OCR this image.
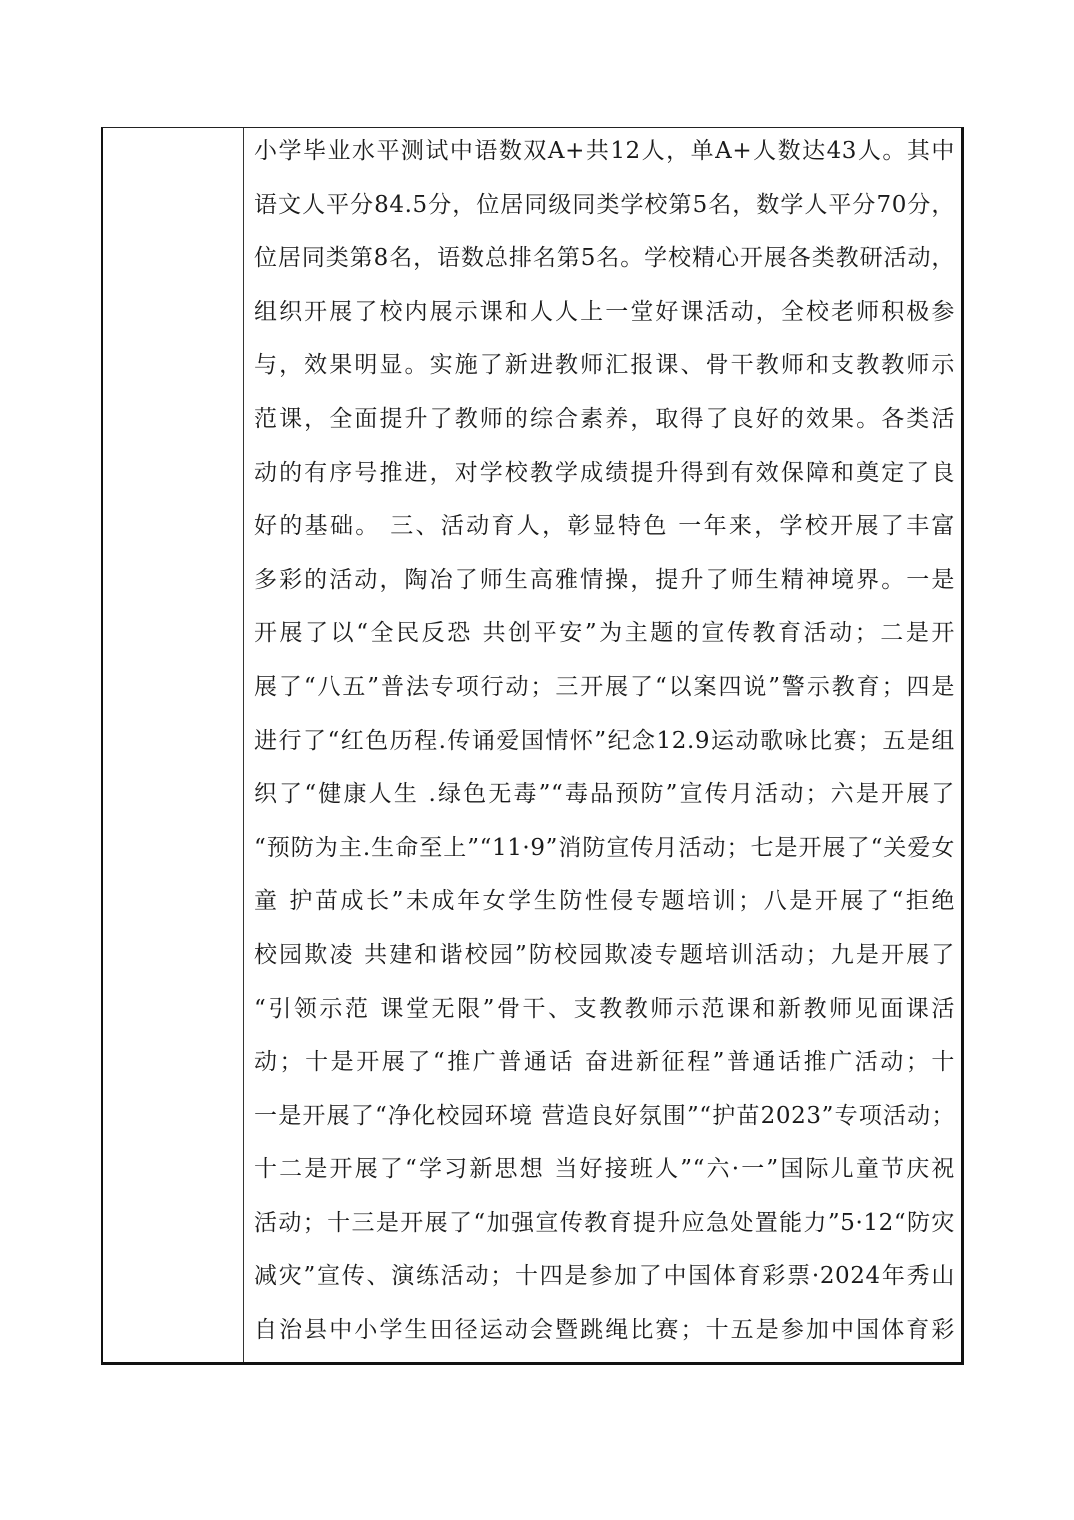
小学毕业水平测试中语数双A+共12人，单A+人数达43人。其中
语文人平分84.5分，位居同级同类学校第5名，数学人平分70分，
位居同类第8名，语数总排名第5名。学校精心开展各类教研活动，
组织开展了校内展示课和人人上一堂好课活动，全校老师积极参
与，效果明显。实施了新进教师汇报课、骨干教师和支教教师示
范课，全面提升了教师的综合素养，取得了良好的效果。各类活
动的有序号推进，对学校教学成绩提升得到有效保障和奠定了良
好的基础。 三、活动育人，彰显特色 一年来，学校开展了丰富
多彩的活动，陶冶了师生高雅情操，提升了师生精神境界。一是
开展了以“全民反恐 共创平安”为主题的宣传教育活动；二是开
展了“八五”普法专项行动；三开展了“以案四说”警示教育；四是
进行了“红色历程.传诵爱国情怀”纪念12.9运动歌咏比赛；五是组
织了“健康人生 .绿色无毒”“毒品预防”宣传月活动；六是开展了
“预防为主.生命至上”“11·9”消防宣传月活动；七是开展了“关爱女
童 护苗成长”未成年女学生防性侵专题培训；八是开展了“拒绝
校园欺凌 共建和谐校园”防校园欺凌专题培训活动；九是开展了
“引领示范 课堂无限”骨干、支教教师示范课和新教师见面课活
动；十是开展了“推广普通话 奋进新征程”普通话推广活动；十
一是开展了“净化校园环境 营造良好氛围”“护苗2023”专项活动；
十二是开展了“学习新思想 当好接班人”“六·一”国际儿童节庆祝
活动；十三是开展了“加强宣传教育提升应急处置能力”5·12“防灾
减灾”宣传、演练活动；十四是参加了中国体育彩票·2024年秀山
自治县中小学生田径运动会暨跳绳比赛；十五是参加中国体育彩
